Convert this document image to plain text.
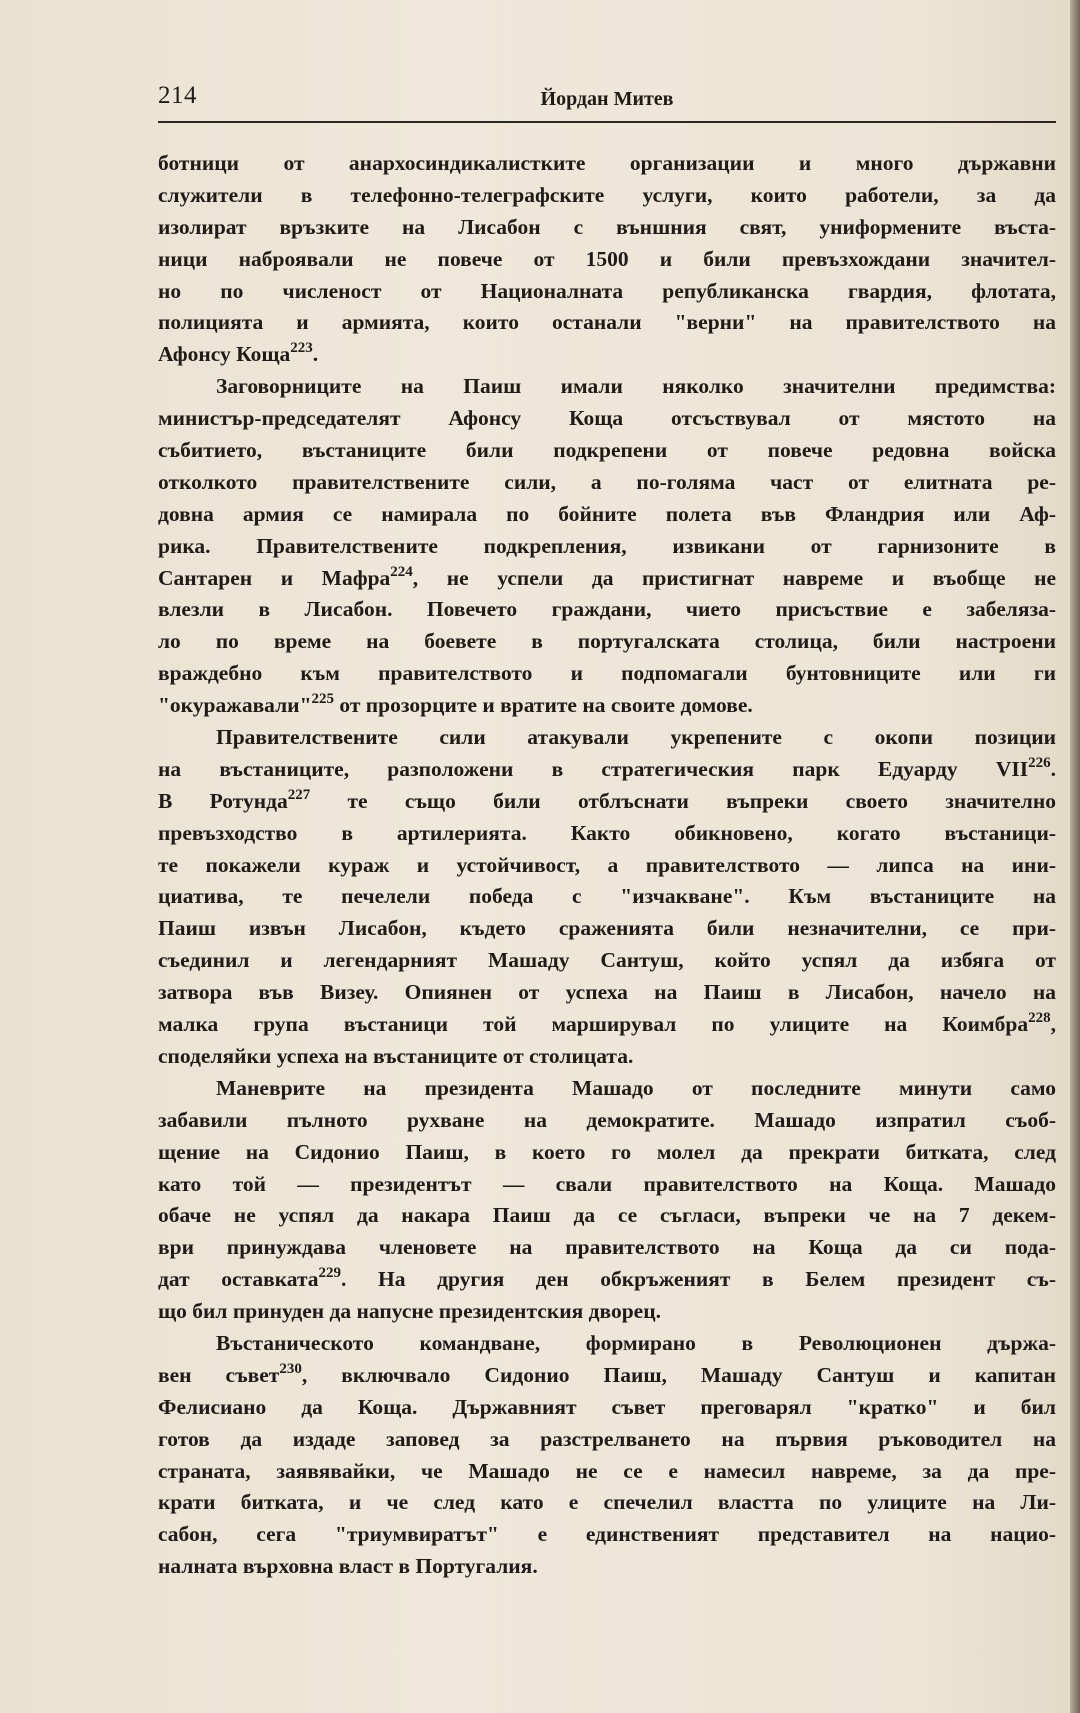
214	Йордан Митев
ботници от анархосиндикалистките организации и много държавни
служители в телефонно-телеграфските услуги, които работели, за да
изолират връзките на Лисабон с външния свят, униформените въста-
ници наброявали не повече от 1500 и били превъзхождани значител-
но по численост от Националната републиканска гвардия, флотата,
полицията и армията, които останали "верни" на правителството на
Афонсу Коща$^{223}$.
Заговорниците на Паиш имали няколко значителни предимства:
министър-председателят Афонсу Коща отсъствувал от мястото на
събитието, въстаниците били подкрепени от повече редовна войска
отколкото правителствените сили, а по-голяма част от елитната ре-
довна армия се намирала по бойните полета във Фландрия или Аф-
рика. Правителствените подкрепления, извикани от гарнизоните в
Сантарен и Мафра$^{224}$, не успели да пристигнат навреме и въобще не
влезли в Лисабон. Повечето граждани, чието присъствие е забеляза-
ло по време на боевете в португалската столица, били настроени
враждебно към правителството и подпомагали бунтовниците или ги
"окуражавали"$^{225}$ от прозорците и вратите на своите домове.
Правителствените сили атакували укрепените с окопи позиции
на въстаниците, разположени в стратегическия парк Едуарду VII$^{226}$.
В Ротунда$^{227}$ те също били отблъснати въпреки своето значително
превъзходство в артилерията. Както обикновено, когато въстаници-
те покажели кураж и устойчивост, а правителството — липса на ини-
циатива, те печелели победа с "изчакване". Към въстаниците на
Паиш извън Лисабон, където сраженията били незначителни, се при-
съединил и легендарният Машаду Сантуш, който успял да избяга от
затвора във Визеу. Опиянен от успеха на Паиш в Лисабон, начело на
малка група въстаници той марширувал по улиците на Коимбра$^{228}$,
споделяйки успеха на въстаниците от столицата.
Маневрите на президента Машадо от последните минути само
забавили пълното рухване на демократите. Машадо изпратил съоб-
щение на Сидонио Паиш, в което го молел да прекрати битката, след
като той — президентът — свали правителството на Коща. Машадо
обаче не успял да накара Паиш да се съгласи, въпреки че на 7 декем-
ври принуждава членовете на правителството на Коща да си пода-
дат оставката$^{229}$. На другия ден обкръженият в Белем президент съ-
що бил принуден да напусне президентския дворец.
Въстаническото командване, формирано в Революционен държа-
вен съвет$^{230}$, включвало Сидонио Паиш, Машаду Сантуш и капитан
Фелисиано да Коща. Държавният съвет преговарял "кратко" и бил
готов да издаде заповед за разстрелването на първия ръководител на
страната, заявявайки, че Машадо не се е намесил навреме, за да пре-
крати битката, и че след като е спечелил властта по улиците на Ли-
сабон, сега "триумвиратът" е единственият представител на нацио-
налната върховна власт в Португалия.
